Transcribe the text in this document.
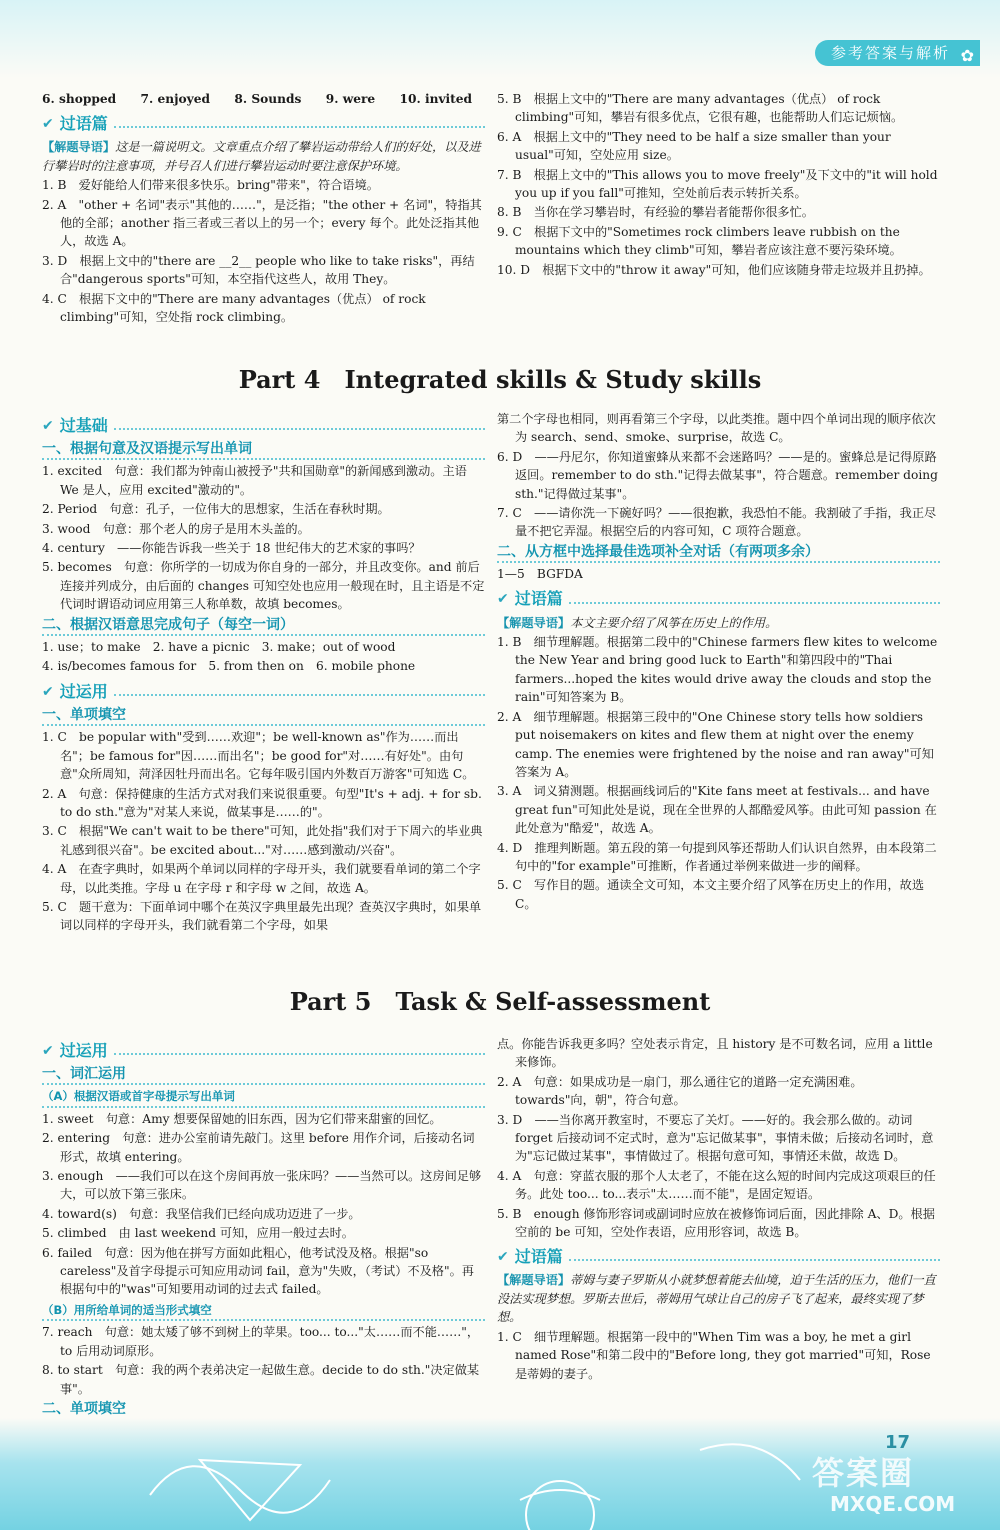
参考答案与解析 ✿

6. shopped　　7. enjoyed　　8. Sounds　　9. were　　10. invited

✔ 过语篇

【解题导语】这是一篇说明文。文章重点介绍了攀岩运动带给人们的好处，以及进行攀岩时的注意事项，并号召人们进行攀岩运动时要注意保护环境。

1. B　爱好能给人们带来很多快乐。bring"带来"，符合语境。

2. A　"other + 名词"表示"其他的……"，是泛指；"the other + 名词"，特指其他的全部；another 指三者或三者以上的另一个；every 每个。此处泛指其他人，故选 A。

3. D　根据上文中的"there are __2__ people who like to take risks"，再结合"dangerous sports"可知，本空指代这些人，故用 They。

4. C　根据下文中的"There are many advantages（优点） of rock climbing"可知，空处指 rock climbing。

5. B　根据上文中的"There are many advantages（优点） of rock climbing"可知，攀岩有很多优点，它很有趣，也能帮助人们忘记烦恼。

6. A　根据上文中的"They need to be half a size smaller than your usual"可知，空处应用 size。

7. B　根据上文中的"This allows you to move freely"及下文中的"it will hold you up if you fall"可推知，空处前后表示转折关系。

8. B　当你在学习攀岩时，有经验的攀岩者能帮你很多忙。

9. C　根据下文中的"Sometimes rock climbers leave rubbish on the mountains which they climb"可知，攀岩者应该注意不要污染环境。

10. D　根据下文中的"throw it away"可知，他们应该随身带走垃圾并且扔掉。

Part 4　Integrated skills & Study skills
✔ 过基础
一、根据句意及汉语提示写出单词

1. excited　句意：我们都为钟南山被授予"共和国勋章"的新闻感到激动。主语 We 是人，应用 excited"激动的"。

2. Period　句意：孔子，一位伟大的思想家，生活在春秋时期。

3. wood　句意：那个老人的房子是用木头盖的。

4. century　——你能告诉我一些关于 18 世纪伟大的艺术家的事吗？

5. becomes　句意：你所学的一切成为你自身的一部分，并且改变你。and 前后连接并列成分，由后面的 changes 可知空处也应用一般现在时，且主语是不定代词时谓语动词应用第三人称单数，故填 becomes。

二、根据汉语意思完成句子（每空一词）

1. use；to make　2. have a picnic　3. make；out of wood

4. is/becomes famous for　5. from then on　6. mobile phone

✔ 过运用
一、单项填空

1. C　be popular with"受到……欢迎"；be well-known as"作为……而出名"；be famous for"因……而出名"；be good for"对……有好处"。由句意"众所周知，菏泽因牡丹而出名。它每年吸引国内外数百万游客"可知选 C。

2. A　句意：保持健康的生活方式对我们来说很重要。句型"It's + adj. + for sb. to do sth."意为"对某人来说，做某事是……的"。

3. C　根据"We can't wait to be there"可知，此处指"我们对于下周六的毕业典礼感到很兴奋"。be excited about..."对……感到激动/兴奋"。

4. A　在查字典时，如果两个单词以同样的字母开头，我们就要看单词的第二个字母，以此类推。字母 u 在字母 r 和字母 w 之间，故选 A。

5. C　题干意为：下面单词中哪个在英汉字典里最先出现？查英汉字典时，如果单词以同样的字母开头，我们就看第二个字母，如果

第二个字母也相同，则再看第三个字母，以此类推。题中四个单词出现的顺序依次为 search、send、smoke、surprise，故选 C。

6. D　——丹尼尔，你知道蜜蜂从来都不会迷路吗？——是的。蜜蜂总是记得原路返回。remember to do sth."记得去做某事"，符合题意。remember doing sth."记得做过某事"。

7. C　——请你洗一下碗好吗？——很抱歉，我恐怕不能。我割破了手指，我正尽量不把它弄湿。根据空后的内容可知，C 项符合题意。

二、从方框中选择最佳选项补全对话（有两项多余）

1—5　BGFDA

✔ 过语篇

【解题导语】本文主要介绍了风筝在历史上的作用。

1. B　细节理解题。根据第二段中的"Chinese farmers flew kites to welcome the New Year and bring good luck to Earth"和第四段中的"Thai farmers...hoped the kites would drive away the clouds and stop the rain"可知答案为 B。

2. A　细节理解题。根据第三段中的"One Chinese story tells how soldiers put noisemakers on kites and flew them at night over the enemy camp. The enemies were frightened by the noise and ran away"可知答案为 A。

3. A　词义猜测题。根据画线词后的"Kite fans meet at festivals... and have great fun"可知此处是说，现在全世界的人都酷爱风筝。由此可知 passion 在此处意为"酷爱"，故选 A。

4. D　推理判断题。第五段的第一句提到风筝还帮助人们认识自然界，由本段第二句中的"for example"可推断，作者通过举例来做进一步的阐释。

5. C　写作目的题。通读全文可知，本文主要介绍了风筝在历史上的作用，故选 C。

Part 5　Task & Self-assessment
✔ 过运用
一、词汇运用
（A）根据汉语或首字母提示写出单词

1. sweet　句意：Amy 想要保留她的旧东西，因为它们带来甜蜜的回忆。

2. entering　句意：进办公室前请先敲门。这里 before 用作介词，后接动名词形式，故填 entering。

3. enough　——我们可以在这个房间再放一张床吗？——当然可以。这房间足够大，可以放下第三张床。

4. toward(s)　句意：我坚信我们已经向成功迈进了一步。

5. climbed　由 last weekend 可知，应用一般过去时。

6. failed　句意：因为他在拼写方面如此粗心，他考试没及格。根据"so careless"及首字母提示可知应用动词 fail，意为"失败，（考试）不及格"。再根据句中的"was"可知要用动词的过去式 failed。

（B）用所给单词的适当形式填空

7. reach　句意：她太矮了够不到树上的苹果。too... to..."太……而不能……"，to 后用动词原形。

8. to start　句意：我的两个表弟决定一起做生意。decide to do sth."决定做某事"。

二、单项填空

点。你能告诉我更多吗？空处表示肯定，且 history 是不可数名词，应用 a little 来修饰。

2. A　句意：如果成功是一扇门，那么通往它的道路一定充满困难。towards"向，朝"，符合句意。

3. D　——当你离开教室时，不要忘了关灯。——好的。我会那么做的。动词 forget 后接动词不定式时，意为"忘记做某事"，事情未做；后接动名词时，意为"忘记做过某事"，事情做过了。根据句意可知，事情还未做，故选 D。

4. A　句意：穿蓝衣服的那个人太老了，不能在这么短的时间内完成这项艰巨的任务。此处 too... to...表示"太……而不能"，是固定短语。

5. B　enough 修饰形容词或副词时应放在被修饰词后面，因此排除 A、D。根据空前的 be 可知，空处作表语，应用形容词，故选 B。

✔ 过语篇

【解题导语】蒂姆与妻子罗斯从小就梦想着能去仙境，迫于生活的压力，他们一直没法实现梦想。罗斯去世后，蒂姆用气球让自己的房子飞了起来，最终实现了梦想。

1. C　细节理解题。根据第一段中的"When Tim was a boy, he met a girl named Rose"和第二段中的"Before long, they got married"可知，Rose 是蒂姆的妻子。

17
答案圈
MXQE.COM
